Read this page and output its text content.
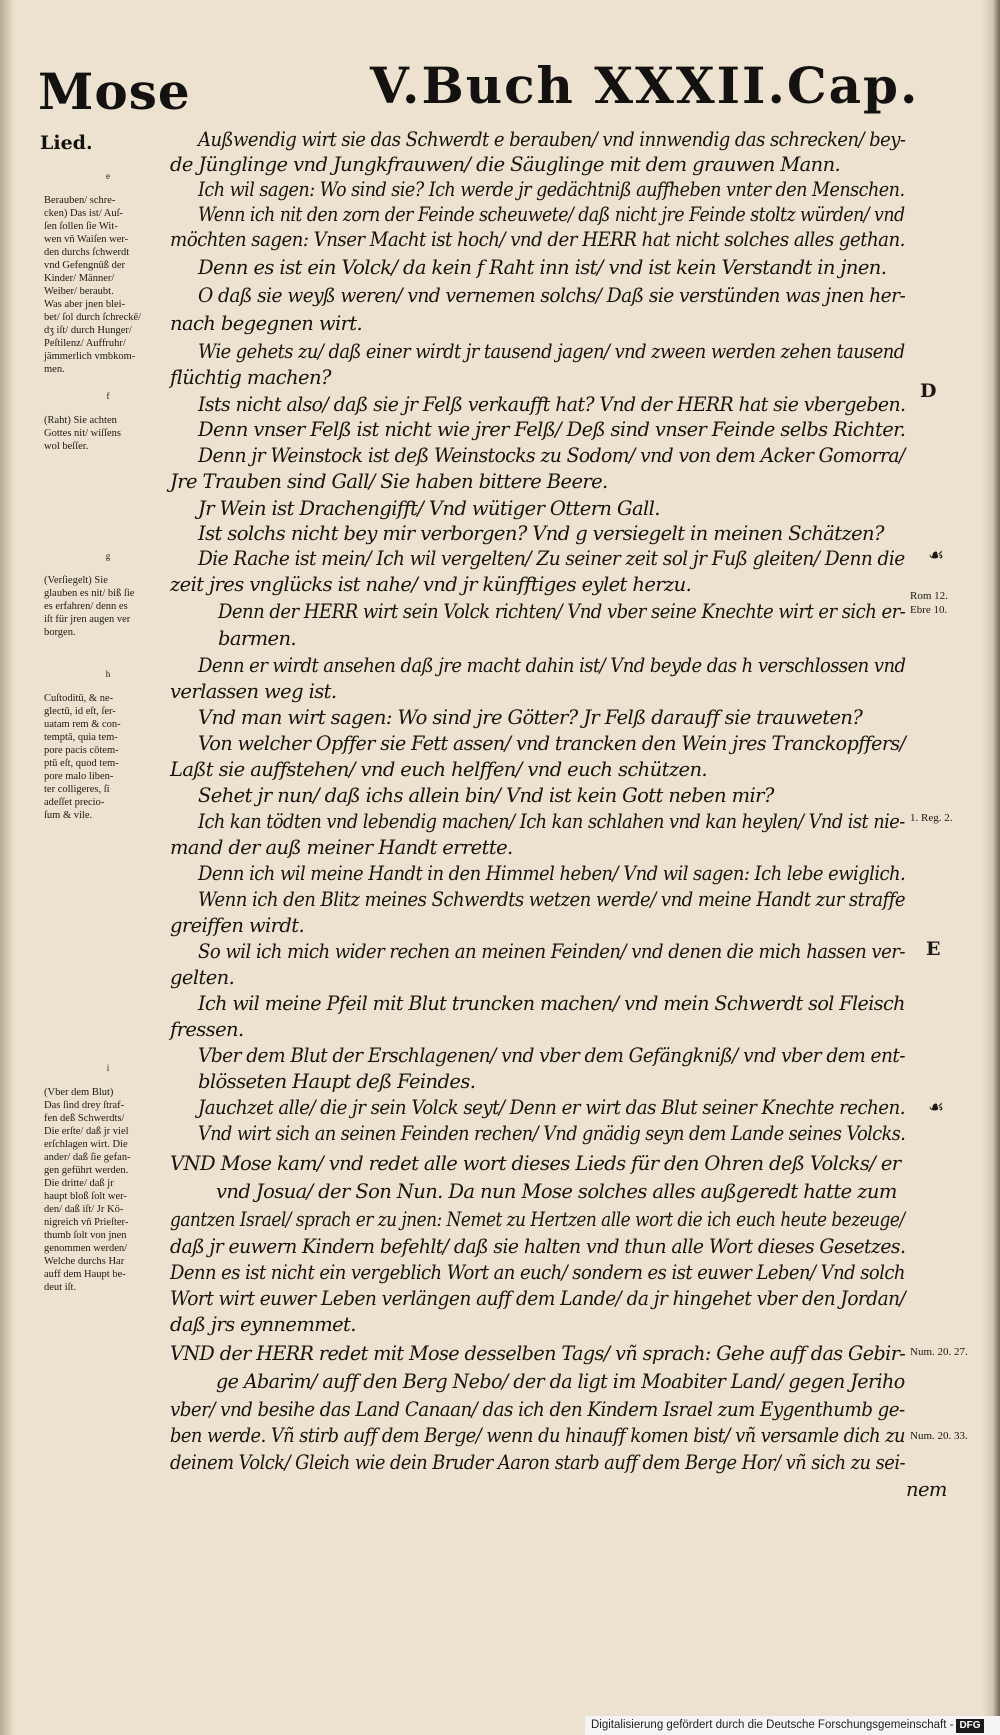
Mose	V.Buch XXXII.Cap.
Lied.	Außwendig wirt sie das Schwerdt e berauben/ vnd innwendig das schrecken/ bey-
de Jünglinge vnd Jungkfrauwen/ die Säuglinge mit dem grauwen Mann.
Ich wil sagen: Wo sind sie? Ich werde jr gedächtniß auffheben vnter den Menschen.
Wenn ich nit den zorn der Feinde scheuwete/ daß nicht jre Feinde stoltz würden/ vnd
möchten sagen: Vnser Macht ist hoch/ vnd der HERR hat nicht solches alles gethan.
Denn es ist ein Volck/ da kein f Raht inn ist/ vnd ist kein Verstandt in jnen.
O daß sie weyß weren/ vnd vernemen solchs/ Daß sie verstünden was jnen her-
nach begegnen wirt.
Wie gehets zu/ daß einer wirdt jr tausend jagen/ vnd zween werden zehen tausend
flüchtig machen?
Ists nicht also/ daß sie jr Felß verkaufft hat? Vnd der HERR hat sie vbergeben.
Denn vnser Felß ist nicht wie jrer Felß/ Deß sind vnser Feinde selbs Richter.
Denn jr Weinstock ist deß Weinstocks zu Sodom/ vnd von dem Acker Gomorra/
Jre Trauben sind Gall/ Sie haben bittere Beere.
Jr Wein ist Drachengifft/ Vnd wütiger Ottern Gall.
Ist solchs nicht bey mir verborgen? Vnd g versiegelt in meinen Schätzen?
Die Rache ist mein/ Ich wil vergelten/ Zu seiner zeit sol jr Fuß gleiten/ Denn die
zeit jres vnglücks ist nahe/ vnd jr künfftiges eylet herzu.
Denn der HERR wirt sein Volck richten/ Vnd vber seine Knechte wirt er sich er-
barmen.
Denn er wirdt ansehen daß jre macht dahin ist/ Vnd beyde das h verschlossen vnd
verlassen weg ist.
Vnd man wirt sagen: Wo sind jre Götter? Jr Felß darauff sie trauweten?
Von welcher Opffer sie Fett assen/ vnd trancken den Wein jres Tranckopffers/
Laßt sie auffstehen/ vnd euch helffen/ vnd euch schützen.
Sehet jr nun/ daß ichs allein bin/ Vnd ist kein Gott neben mir?
Ich kan tödten vnd lebendig machen/ Ich kan schlahen vnd kan heylen/ Vnd ist nie-
mand der auß meiner Handt errette.
Denn ich wil meine Handt in den Himmel heben/ Vnd wil sagen: Ich lebe ewiglich.
Wenn ich den Blitz meines Schwerdts wetzen werde/ vnd meine Handt zur straffe
greiffen wirdt.
So wil ich mich wider rechen an meinen Feinden/ vnd denen die mich hassen ver-
gelten.
Ich wil meine Pfeil mit Blut truncken machen/ vnd mein Schwerdt sol Fleisch
fressen.
Vber dem Blut der Erschlagenen/ vnd vber dem Gefängkniß/ vnd vber dem ent-
blösseten Haupt deß Feindes.
Jauchzet alle/ die jr sein Volck seyt/ Denn er wirt das Blut seiner Knechte rechen.
Vnd wirt sich an seinen Feinden rechen/ Vnd gnädig seyn dem Lande seines Volcks.
VND Mose kam/ vnd redet alle wort dieses Lieds für den Ohren deß Volcks/ er
vnd Josua/ der Son Nun. Da nun Mose solches alles außgeredt hatte zum
gantzen Israel/ sprach er zu jnen: Nemet zu Hertzen alle wort die ich euch heute bezeuge/
daß jr euwern Kindern befehlt/ daß sie halten vnd thun alle Wort dieses Gesetzes.
Denn es ist nicht ein vergeblich Wort an euch/ sondern es ist euwer Leben/ Vnd solch
Wort wirt euwer Leben verlängen auff dem Lande/ da jr hingehet vber den Jordan/
daß jrs eynnemmet.
VND der HERR redet mit Mose desselben Tags/ vñ sprach: Gehe auff das Gebir-
ge Abarim/ auff den Berg Nebo/ der da ligt im Moabiter Land/ gegen Jeriho
vber/ vnd besihe das Land Canaan/ das ich den Kindern Israel zum Eygenthumb ge-
ben werde. Vñ stirb auff dem Berge/ wenn du hinauff komen bist/ vñ versamle dich zu
deinem Volck/ Gleich wie dein Bruder Aaron starb auff dem Berge Hor/ vñ sich zu sei-
nem

e

Berauben/ schre-
cken) Das ist/ Auſ-
ſen ſollen ſie Wit-
wen vñ Waiſen wer-
den durchs ſchwerdt
vnd Gefengnüß der
Kinder/ Männer/
Weiber/ beraubt.
Was aber jnen blei-
bet/ ſol durch ſchreckē/
dʒ iſt/ durch Hunger/
Peſtilenz/ Auffruhr/
jämmerlich vmbkom-
men.

f

(Raht) Sie achten
Gottes nit/ wiſſens
wol beſſer.

g

(Verſiegelt) Sie
glauben es nit/ biß ſie
es erfahren/ denn es
iſt für jren augen ver
borgen.

h

Cuſtoditū, & ne-
glectū, id eſt, ſer-
uatam rem & con-
temptā, quia tem-
pore pacis cōtem-
ptū eſt, quod tem-
pore malo liben-
ter colligeres, ſi
adeſſet precio-
ſum & vile.

i

(Vber dem Blut)
Das ſind drey ſtraf-
fen deß Schwerdts/
Die erſte/ daß jr viel
erſchlagen wirt. Die
ander/ daß ſie gefan-
gen geführt werden.
Die dritte/ daß jr
haupt bloß ſolt wer-
den/ daß iſt/ Jr Kö-
nigreich vñ Prieſter-
thumb ſolt von jnen
genommen werden/
Welche durchs Har
auff dem Haupt be-
deut iſt.

D
E
☙
☙
Rom 12.
Ebre 10.
1. Reg. 2.
Num. 20. 27.
Num. 20. 33.
Digitalisierung gefördert durch die Deutsche Forschungsgemeinschaft - DFG
